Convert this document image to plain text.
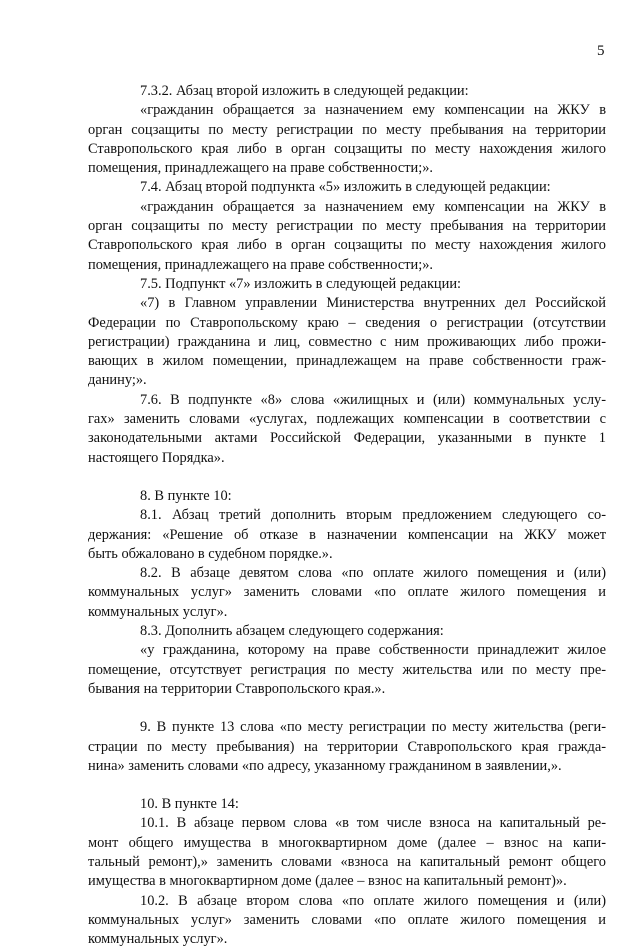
5
7.3.2. Абзац второй изложить в следующей редакции:
«гражданин обращается за назначением ему компенсации на ЖКУ в
орган соцзащиты по месту регистрации по месту пребывания на территории
Ставропольского края либо в орган соцзащиты по месту нахождения жилого
помещения, принадлежащего на праве собственности;».
7.4. Абзац второй подпункта «5» изложить в следующей редакции:
«гражданин обращается за назначением ему компенсации на ЖКУ в
орган соцзащиты по месту регистрации по месту пребывания на территории
Ставропольского края либо в орган соцзащиты по месту нахождения жилого
помещения, принадлежащего на праве собственности;».
7.5. Подпункт «7» изложить в следующей редакции:
«7) в Главном управлении Министерства внутренних дел Российской
Федерации по Ставропольскому краю – сведения о регистрации (отсутствии
регистрации) гражданина и лиц, совместно с ним проживающих либо прожи-
вающих в жилом помещении, принадлежащем на праве собственности граж-
данину;».
7.6. В подпункте «8» слова «жилищных и (или) коммунальных услу-
гах» заменить словами «услугах, подлежащих компенсации в соответствии с
законодательными актами Российской Федерации, указанными в пункте 1
настоящего Порядка».
8. В пункте 10:
8.1. Абзац третий дополнить вторым предложением следующего со-
держания: «Решение об отказе в назначении компенсации на ЖКУ может
быть обжаловано в судебном порядке.».
8.2. В абзаце девятом слова «по оплате жилого помещения и (или)
коммунальных услуг» заменить словами «по оплате жилого помещения и
коммунальных услуг».
8.3. Дополнить абзацем следующего содержания:
«у гражданина, которому на праве собственности принадлежит жилое
помещение, отсутствует регистрация по месту жительства или по месту пре-
бывания на территории Ставропольского края.».
9. В пункте 13 слова «по месту регистрации по месту жительства (реги-
страции по месту пребывания) на территории Ставропольского края гражда-
нина» заменить словами «по адресу, указанному гражданином в заявлении,».
10. В пункте 14:
10.1. В абзаце первом слова «в том числе взноса на капитальный ре-
монт общего имущества в многоквартирном доме (далее – взнос на капи-
тальный ремонт),» заменить словами «взноса на капитальный ремонт общего
имущества в многоквартирном доме (далее – взнос на капитальный ремонт)».
10.2. В абзаце втором слова «по оплате жилого помещения и (или)
коммунальных услуг» заменить словами «по оплате жилого помещения и
коммунальных услуг».
